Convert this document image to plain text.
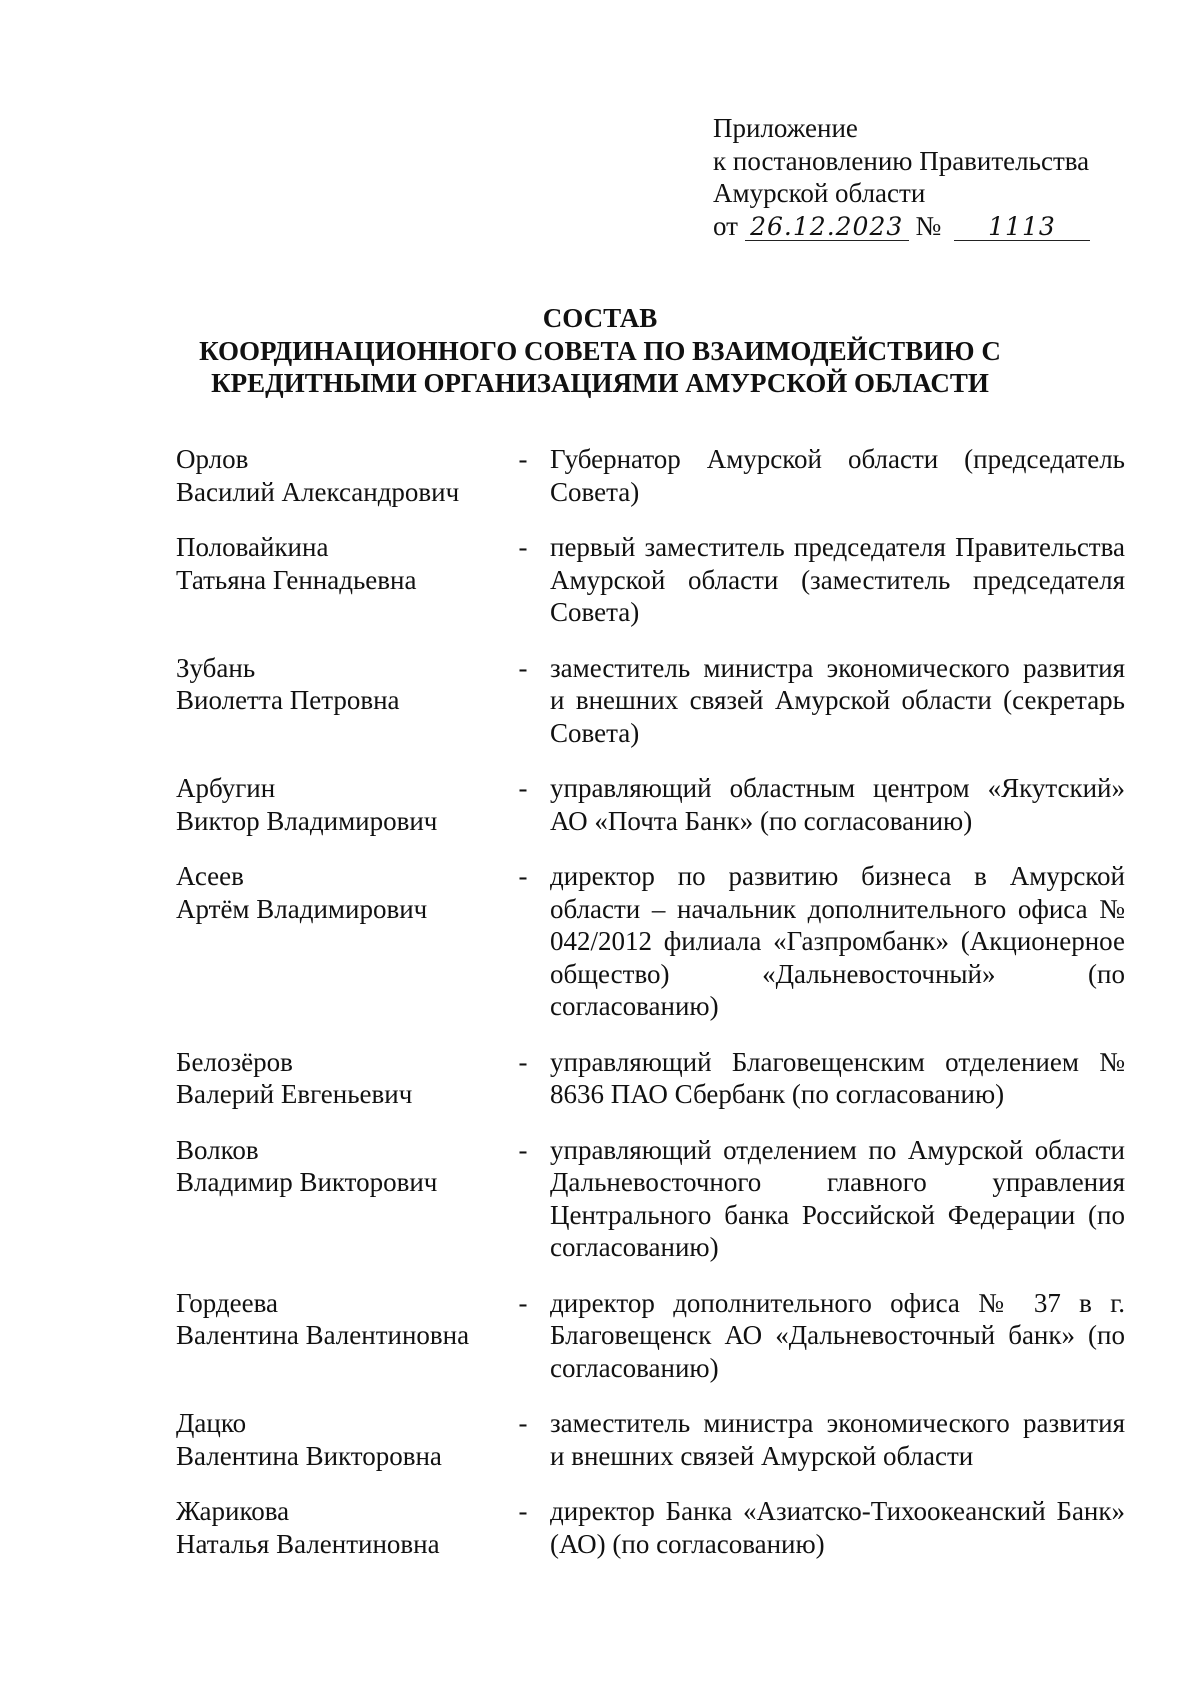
Приложение
к постановлению Правительства
Амурской области
от 26.12.2023 № 1113
СОСТАВ
КООРДИНАЦИОННОГО СОВЕТА ПО ВЗАИМОДЕЙСТВИЮ С
КРЕДИТНЫМИ ОРГАНИЗАЦИЯМИ АМУРСКОЙ ОБЛАСТИ
Орлов
Василий Александрович
- Губернатор Амурской области (председатель Совета)
Половайкина
Татьяна Геннадьевна
- первый заместитель председателя Правительства Амурской области (заместитель председателя Совета)
Зубань
Виолетта Петровна
- заместитель министра экономического развития и внешних связей Амурской области (секретарь Совета)
Арбугин
Виктор Владимирович
- управляющий областным центром «Якутский» АО «Почта Банк» (по согласованию)
Асеев
Артём Владимирович
- директор по развитию бизнеса в Амурской области – начальник дополнительного офиса № 042/2012 филиала «Газпромбанк» (Акционерное общество) «Дальневосточный» (по согласованию)
Белозёров
Валерий Евгеньевич
- управляющий Благовещенским отделением № 8636 ПАО Сбербанк (по согласованию)
Волков
Владимир Викторович
- управляющий отделением по Амурской области Дальневосточного главного управления Центрального банка Российской Федерации (по согласованию)
Гордеева
Валентина Валентиновна
- директор дополнительного офиса № 37 в г. Благовещенск АО «Дальневосточный банк» (по согласованию)
Дацко
Валентина Викторовна
- заместитель министра экономического развития и внешних связей Амурской области
Жарикова
Наталья Валентиновна
- директор Банка «Азиатско-Тихоокеанский Банк» (АО) (по согласованию)
